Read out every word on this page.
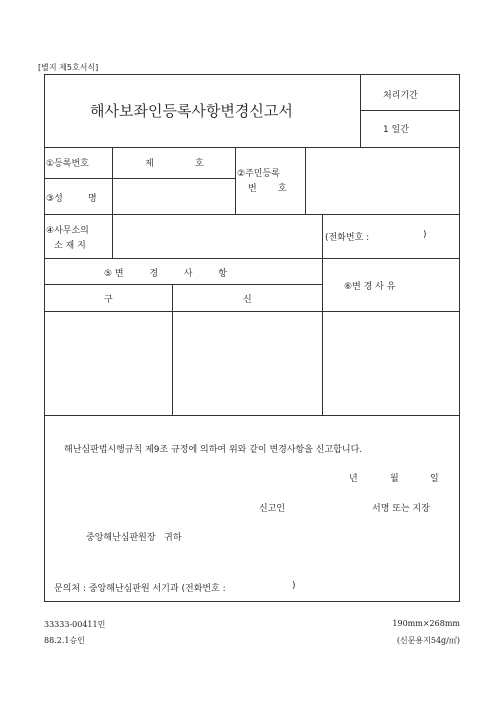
[별지 제5호서식]
해사보좌인등록사항변경신고서
처리기간
1 일간
①등록번호	제	호
③성	명
②주민등록
번 호
④사무소의
소 재 지
(전화번호 :	)
⑤ 변         경         사         항
구	신
⑥변 경 사 유
해난심판법시행규칙 제9조 규정에 의하여 위와 같이 변경사항을 신고합니다.
년	월	일
신고인	서명 또는 지장
중앙해난심판원장   귀하
문의처 : 중앙해난심판원 서기과 (전화번호 :	)
33333-00411민
88.2.1승인
190mm×268mm
(신문용지54g/㎡)
